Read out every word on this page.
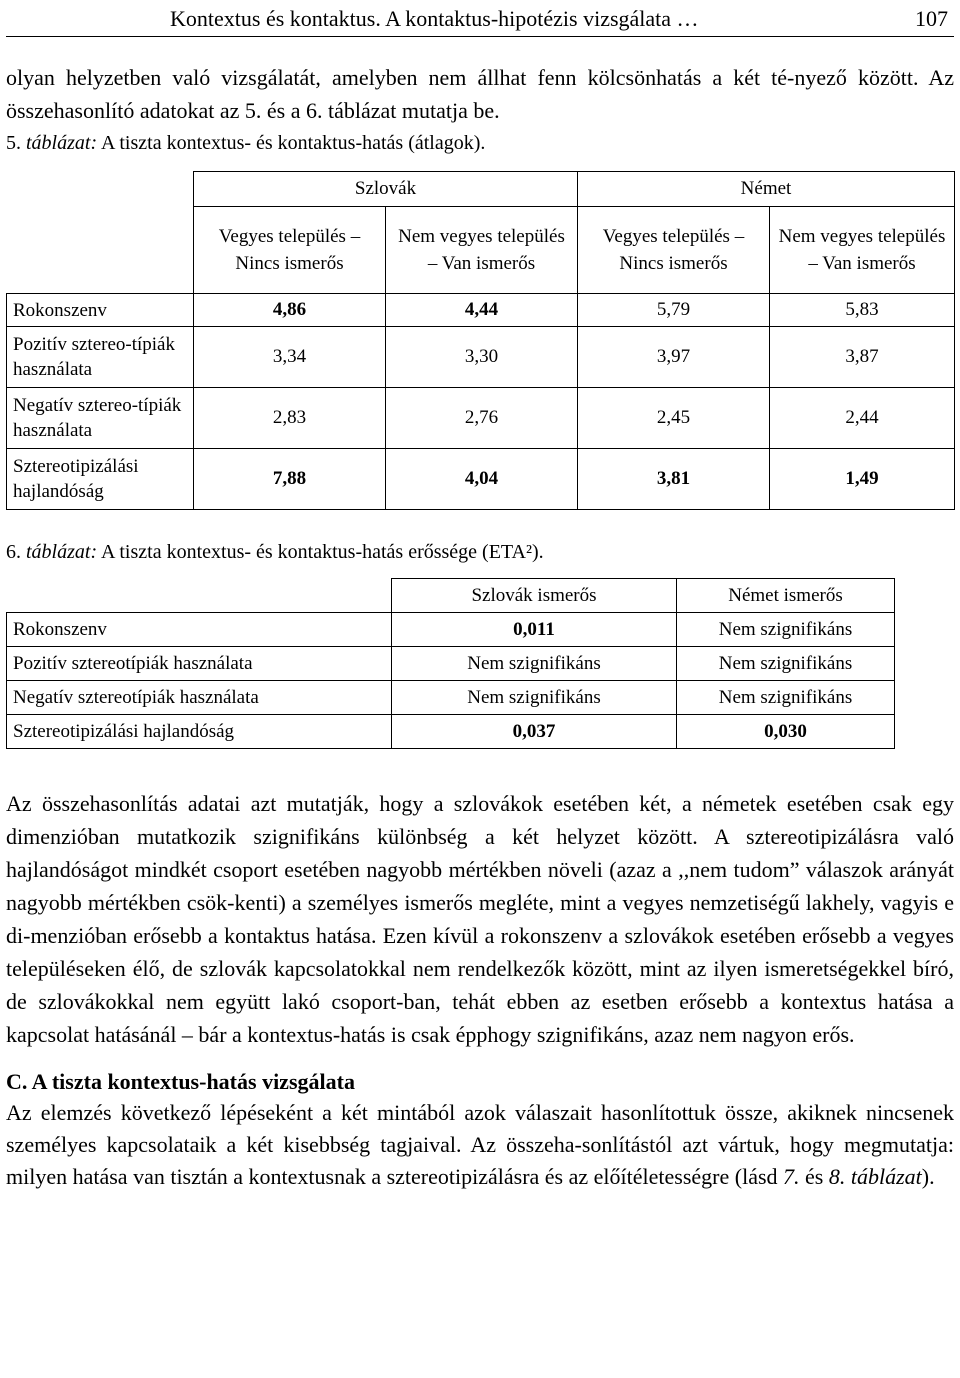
Kontextus és kontaktus. A kontaktus-hipotézis vizsgálata …	107

olyan helyzetben való vizsgálatát, amelyben nem állhat fenn kölcsönhatás a két té-nyező között. Az összehasonlító adatokat az 5. és a 6. táblázat mutatja be.

5. táblázat: A tiszta kontextus- és kontaktus-hatás (átlagok).

	Szlovák		Német	
	Vegyes település – Nincs ismerős	Nem vegyes település – Van ismerős	Vegyes település – Nincs ismerős	Nem vegyes település – Van ismerős
Rokonszenv	4,86	4,44	5,79	5,83
Pozitív sztereo-típiák használata	3,34	3,30	3,97	3,87
Negatív sztereo-típiák használata	2,83	2,76	2,45	2,44
Sztereotipizálási hajlandóság	7,88	4,04	3,81	1,49

6. táblázat: A tiszta kontextus- és kontaktus-hatás erőssége (ETA²).

	Szlovák ismerős	Német ismerős
Rokonszenv	0,011	Nem szignifikáns
Pozitív sztereotípiák használata	Nem szignifikáns	Nem szignifikáns
Negatív sztereotípiák használata	Nem szignifikáns	Nem szignifikáns
Sztereotipizálási hajlandóság	0,037	0,030

Az összehasonlítás adatai azt mutatják, hogy a szlovákok esetében két, a németek esetében csak egy dimenzióban mutatkozik szignifikáns különbség a két helyzet között. A sztereotipizálásra való hajlandóságot mindkét csoport esetében nagyobb mértékben növeli (azaz a ,,nem tudom” válaszok arányát nagyobb mértékben csök-kenti) a személyes ismerős megléte, mint a vegyes nemzetiségű lakhely, vagyis e di-menzióban erősebb a kontaktus hatása. Ezen kívül a rokonszenv a szlovákok esetében erősebb a vegyes településeken élő, de szlovák kapcsolatokkal nem rendelkezők között, mint az ilyen ismeretségekkel bíró, de szlovákokkal nem együtt lakó csoport-ban, tehát ebben az esetben erősebb a kontextus hatása a kapcsolat hatásánál – bár a kontextus-hatás is csak épphogy szignifikáns, azaz nem nagyon erős.

C. A tiszta kontextus-hatás vizsgálata

Az elemzés következő lépéseként a két mintából azok válaszait hasonlítottuk össze, akiknek nincsenek személyes kapcsolataik a két kisebbség tagjaival. Az összeha-sonlítástól azt vártuk, hogy megmutatja: milyen hatása van tisztán a kontextusnak a sztereotipizálásra és az előítéletességre (lásd 7. és 8. táblázat).
